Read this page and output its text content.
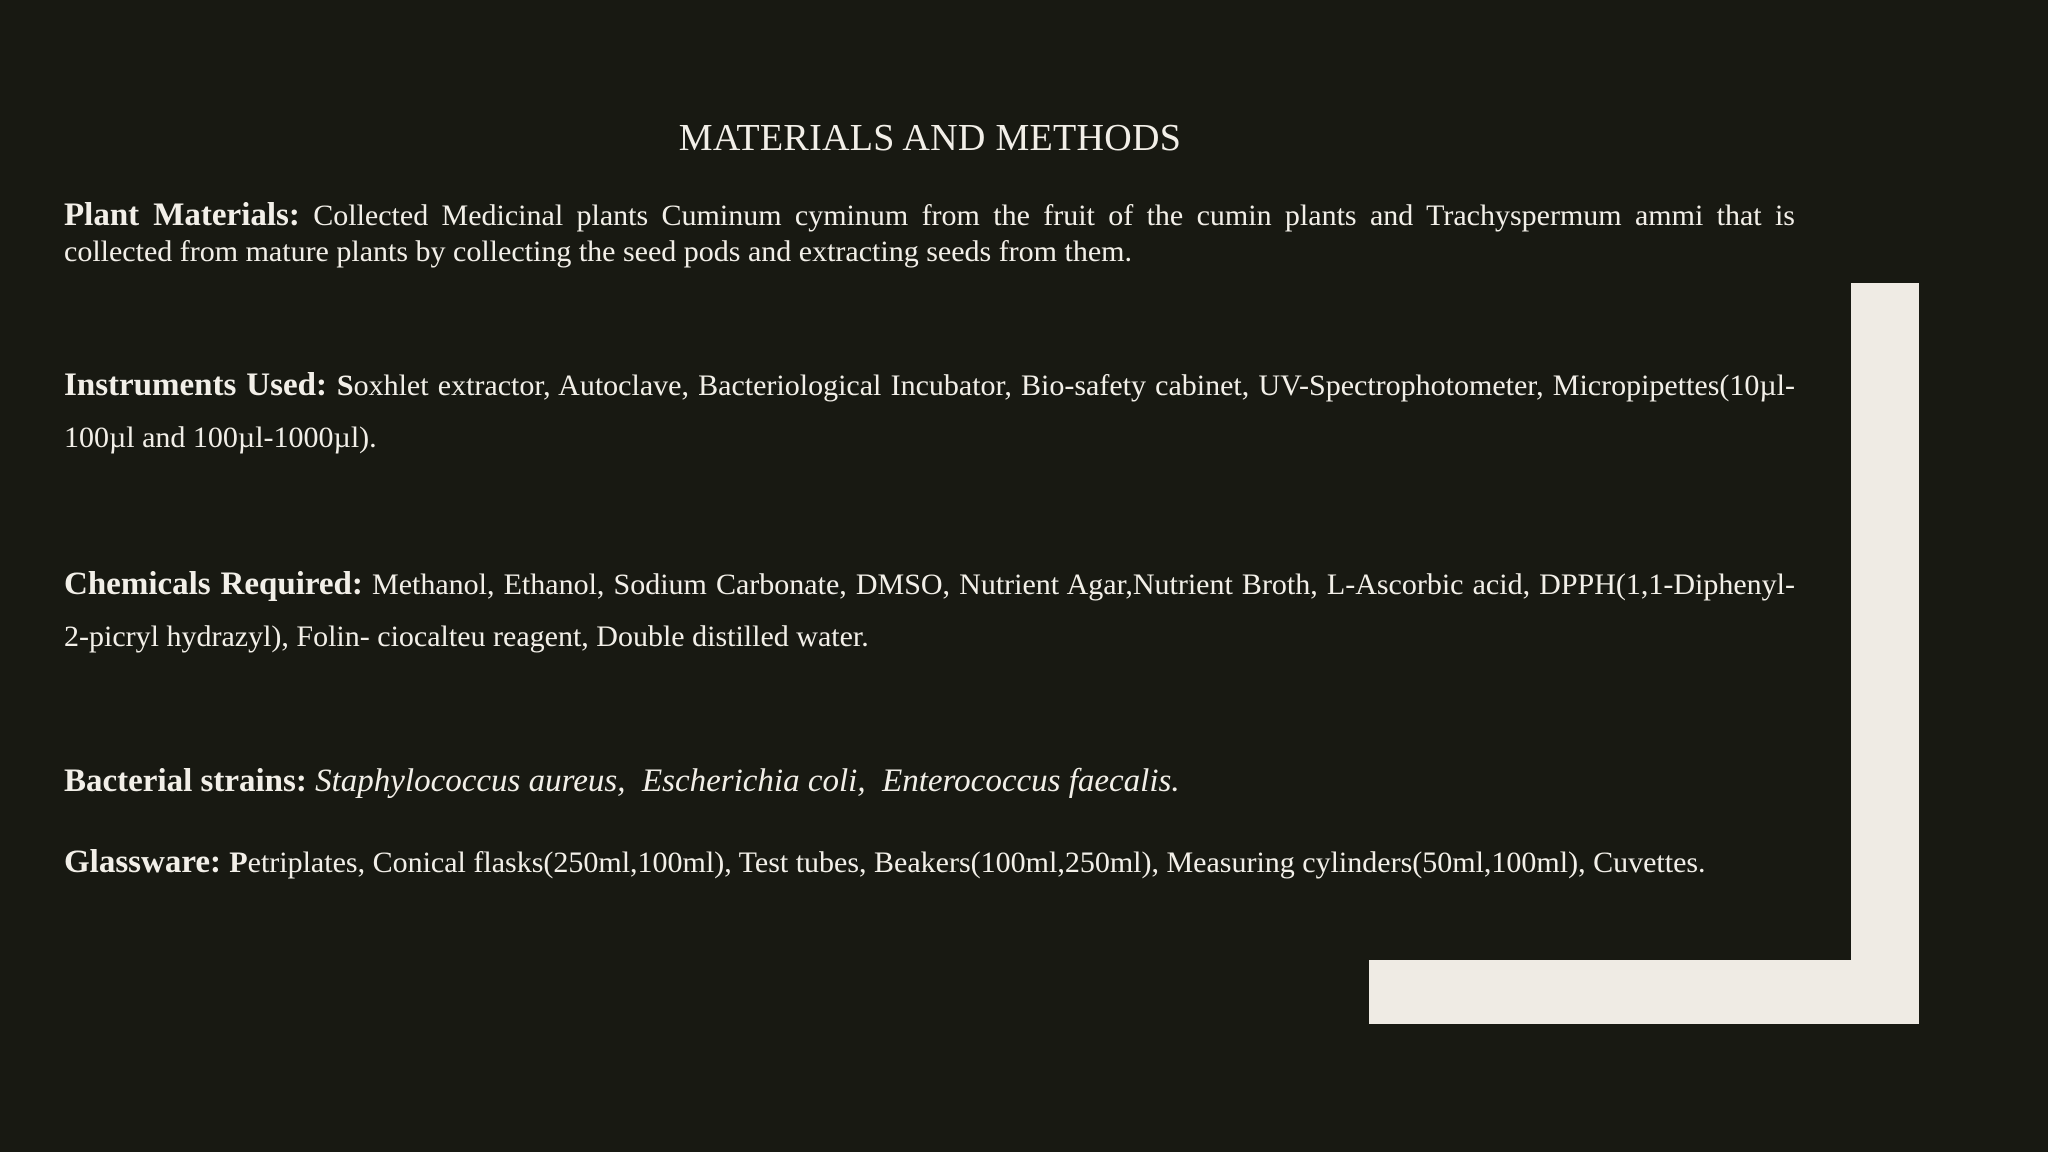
MATERIALS AND METHODS

Plant Materials: Collected Medicinal plants Cuminum cyminum from the fruit of the cumin plants and Trachyspermum ammi that is collected from mature plants by collecting the seed pods and extracting seeds from them.

Instruments Used: Soxhlet extractor, Autoclave, Bacteriological Incubator, Bio-safety cabinet, UV-Spectrophotometer, Micropipettes(10µl-100µl and 100µl-1000µl).

Chemicals Required: Methanol, Ethanol, Sodium Carbonate, DMSO, Nutrient Agar,Nutrient Broth, L-Ascorbic acid, DPPH(1,1-Diphenyl-2-picryl hydrazyl), Folin- ciocalteu reagent, Double distilled water.

Bacterial strains: Staphylococcus aureus,  Escherichia coli,  Enterococcus faecalis.

Glassware: Petriplates, Conical flasks(250ml,100ml), Test tubes, Beakers(100ml,250ml), Measuring cylinders(50ml,100ml), Cuvettes.
